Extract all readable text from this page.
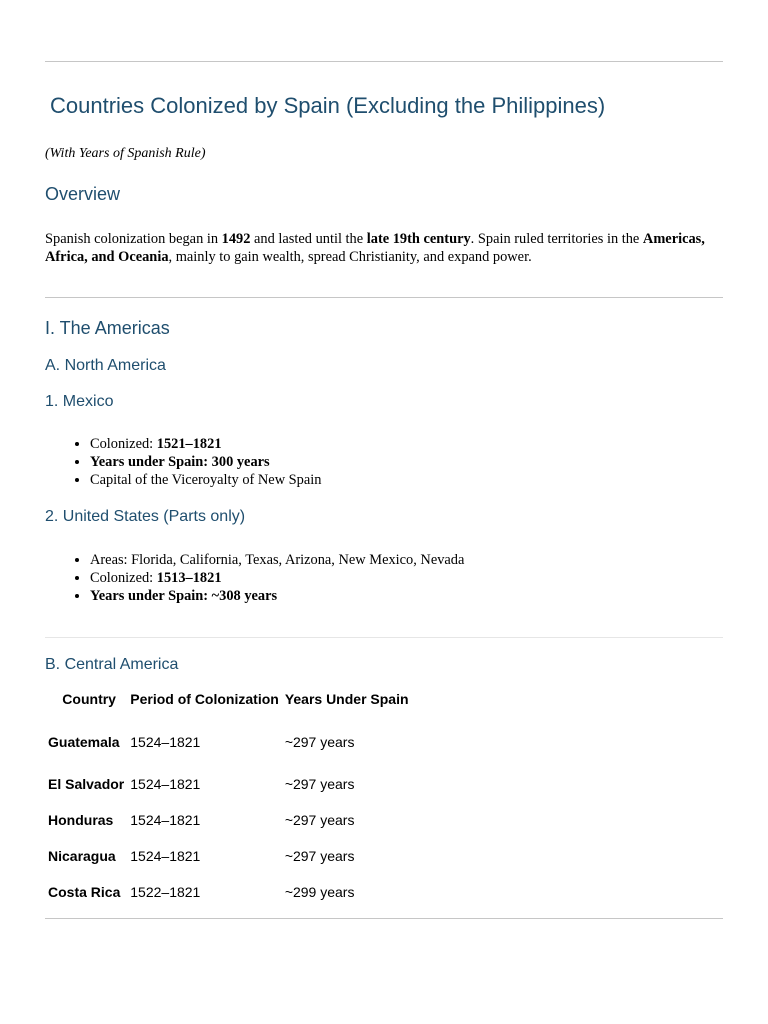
Countries Colonized by Spain (Excluding the Philippines)
(With Years of Spanish Rule)
Overview
Spanish colonization began in 1492 and lasted until the late 19th century. Spain ruled territories in the Americas, Africa, and Oceania, mainly to gain wealth, spread Christianity, and expand power.
I. The Americas
A. North America
1. Mexico
• Colonized: 1521–1821
• Years under Spain: 300 years
• Capital of the Viceroyalty of New Spain
2. United States (Parts only)
• Areas: Florida, California, Texas, Arizona, New Mexico, Nevada
• Colonized: 1513–1821
• Years under Spain: ~308 years
B. Central America
Country	Period of Colonization	Years Under Spain
Guatemala	1524–1821	~297 years
El Salvador	1524–1821	~297 years
Honduras	1524–1821	~297 years
Nicaragua	1524–1821	~297 years
Costa Rica	1522–1821	~299 years
